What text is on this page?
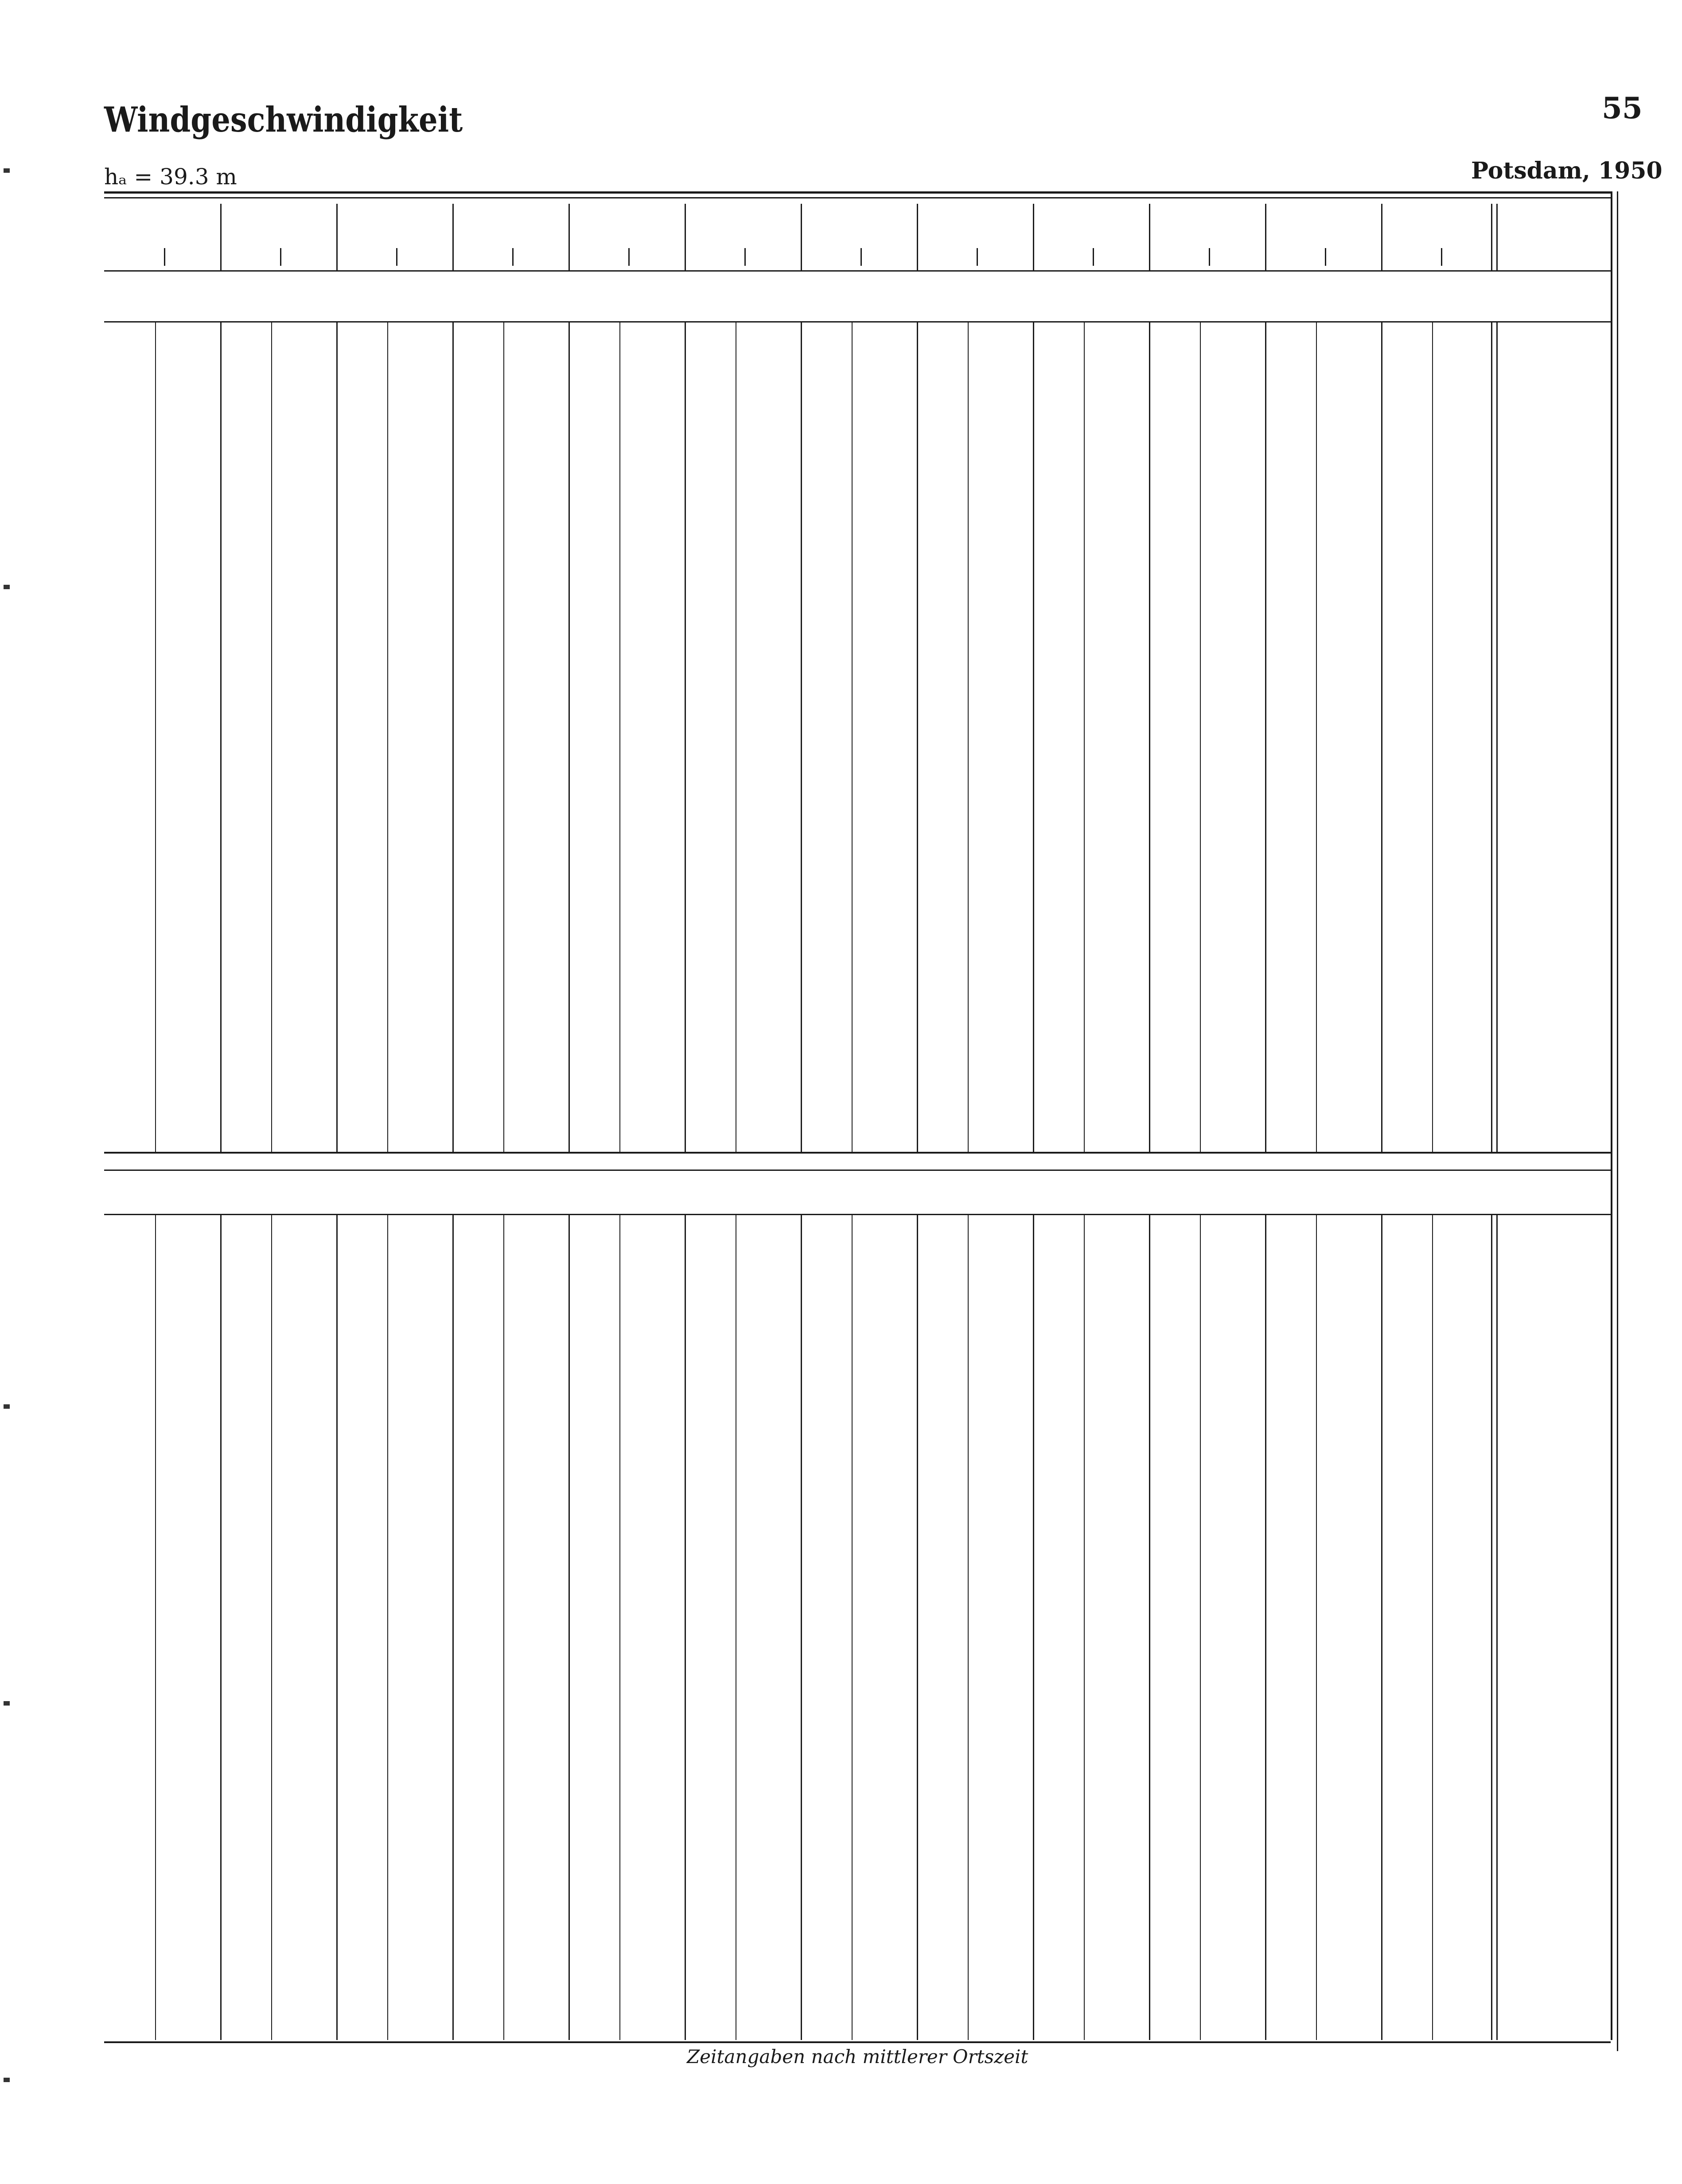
Windgeschwindigkeit	55
hₐ = 39.3 m	Potsdam, 1950
Zeitangaben nach mittlerer Ortszeit
